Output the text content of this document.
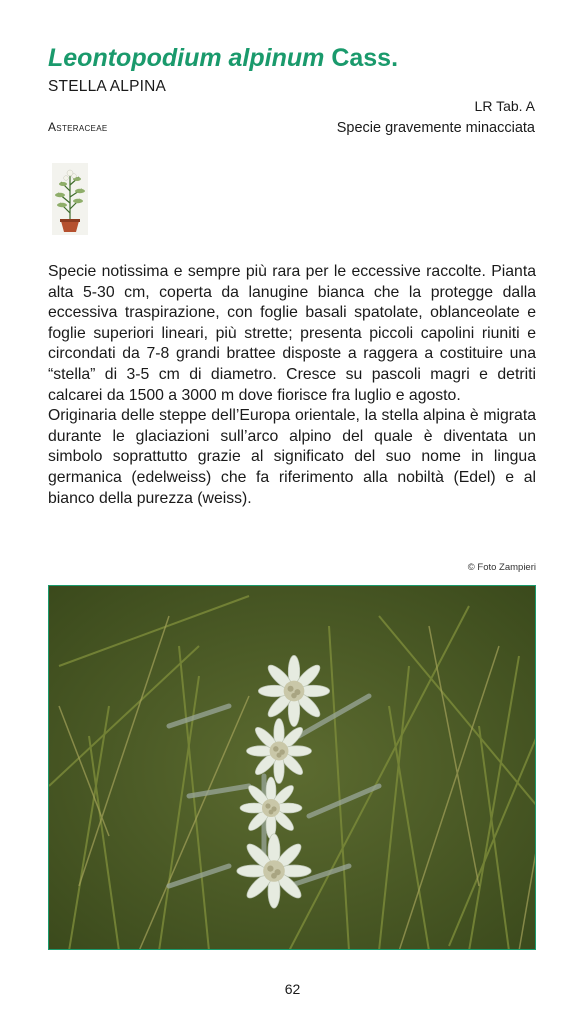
Leontopodium alpinum Cass.
STELLA ALPINA
LR Tab. A
Asteraceae	Specie gravemente minacciata

Specie notissima e sempre più rara per le eccessive raccolte. Pianta alta 5-30 cm, coperta da lanugine bianca che la protegge dalla eccessiva traspirazione, con foglie basali spatolate, oblanceolate e foglie superiori lineari, più strette; presenta piccoli capolini riuniti e circondati da 7-8 grandi brattee disposte a raggera a costituire una “stella” di 3-5 cm di diametro. Cresce su pascoli magri e detriti calcarei da 1500 a 3000 m dove fiorisce fra luglio e agosto.

Originaria delle steppe dell’Europa orientale, la stella alpina è migrata durante le glaciazioni sull’arco alpino del quale è diventata un simbolo soprattutto grazie al significato del suo nome in lingua germanica (edelweiss) che fa riferimento alla nobiltà (Edel) e al bianco della purezza (weiss).

© Foto Zampieri
62
